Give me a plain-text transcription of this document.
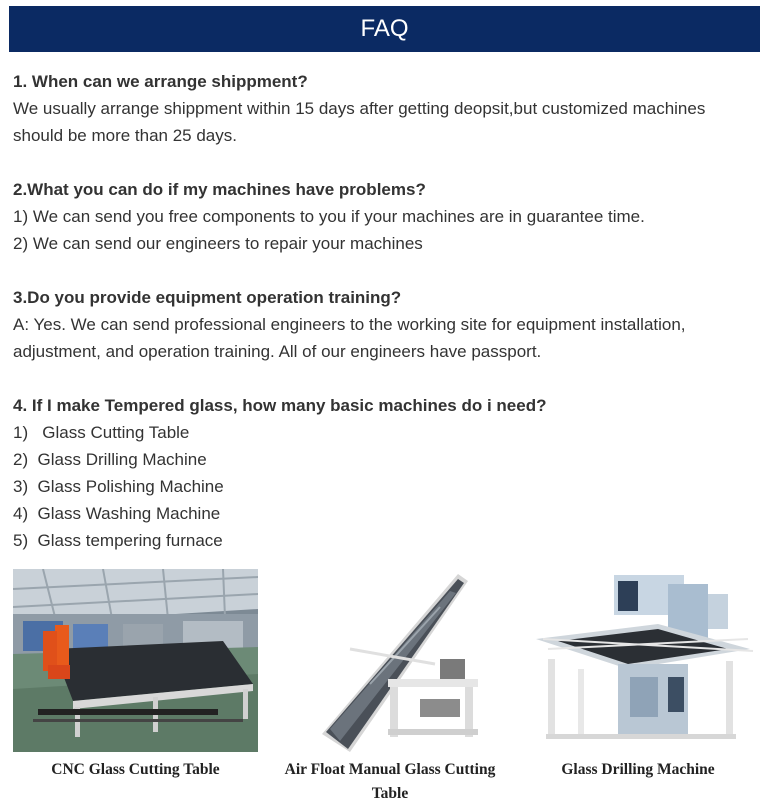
FAQ
1. When can we arrange shippment?
We usually arrange shippment within 15 days after getting deopsit,but customized machines
should be more than 25 days.
2.What you can do if my machines have problems?
1) We can send you free components to you if your machines are in guarantee time.
2) We can send our engineers to repair your machines
3.Do you provide equipment operation training?
A: Yes. We can send professional engineers to the working site for equipment installation,
adjustment, and operation training. All of our engineers have passport.
4. If I make Tempered glass, how many basic machines do i need?
1)   Glass Cutting Table
2)  Glass Drilling Machine
3)  Glass Polishing Machine
4)  Glass Washing Machine
5)  Glass tempering furnace
CNC Glass Cutting Table	Air Float Manual Glass Cutting
Table
Glass Drilling Machine
